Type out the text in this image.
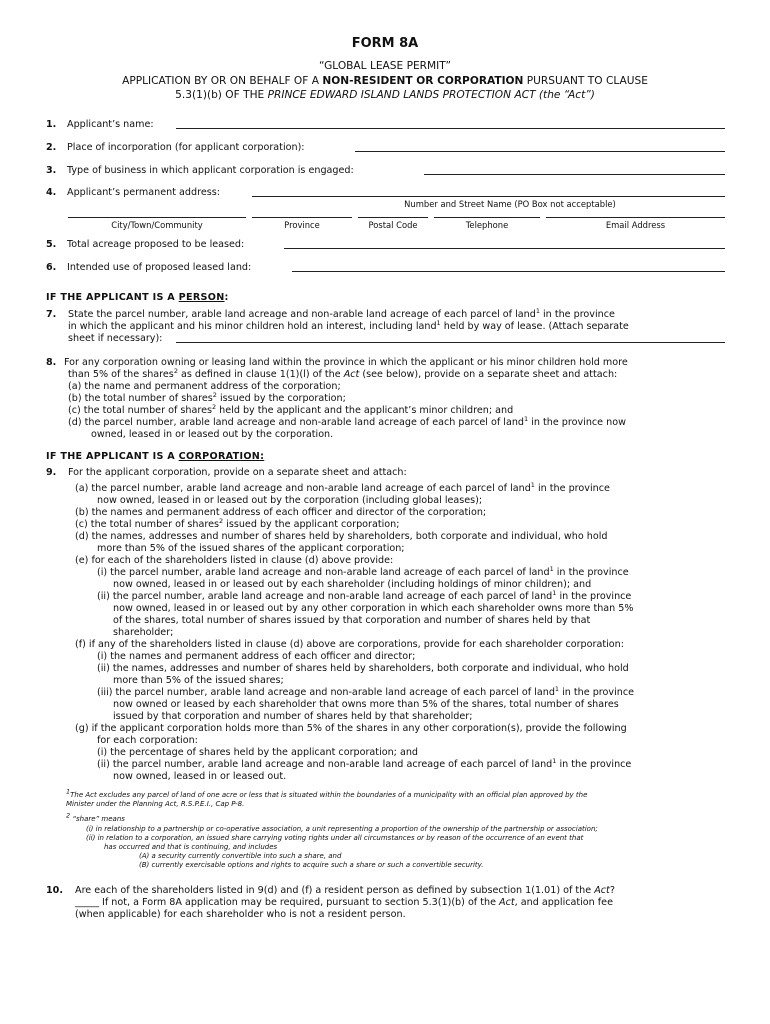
FORM 8A
“GLOBAL LEASE PERMIT”
APPLICATION BY OR ON BEHALF OF A NON-RESIDENT OR CORPORATION PURSUANT TO CLAUSE
5.3(1)(b) OF THE PRINCE EDWARD ISLAND LANDS PROTECTION ACT (the “Act”)
1. Applicant’s name:
2. Place of incorporation (for applicant corporation):
3. Type of business in which applicant corporation is engaged:
4. Applicant’s permanent address:
Number and Street Name (PO Box not acceptable)
City/Town/Community	Province	Postal Code	Telephone	Email Address
5. Total acreage proposed to be leased:
6. Intended use of proposed leased land:
IF THE APPLICANT IS A PERSON:
7. State the parcel number, arable land acreage and non-arable land acreage of each parcel of land$^1$ in the province
in which the applicant and his minor children hold an interest, including land$^1$ held by way of lease. (Attach separate
sheet if necessary):
8. For any corporation owning or leasing land within the province in which the applicant or his minor children hold more
than 5% of the shares$^2$ as defined in clause 1(1)(l) of the Act (see below), provide on a separate sheet and attach:
(a) the name and permanent address of the corporation;
(b) the total number of shares$^2$ issued by the corporation;
(c) the total number of shares$^2$ held by the applicant and the applicant’s minor children; and
(d) the parcel number, arable land acreage and non-arable land acreage of each parcel of land$^1$ in the province now
owned, leased in or leased out by the corporation.
IF THE APPLICANT IS A CORPORATION:
9. For the applicant corporation, provide on a separate sheet and attach:
(a) the parcel number, arable land acreage and non-arable land acreage of each parcel of land$^1$ in the province
now owned, leased in or leased out by the corporation (including global leases);
(b) the names and permanent address of each officer and director of the corporation;
(c) the total number of shares$^2$ issued by the applicant corporation;
(d) the names, addresses and number of shares held by shareholders, both corporate and individual, who hold
more than 5% of the issued shares of the applicant corporation;
(e) for each of the shareholders listed in clause (d) above provide:
(i) the parcel number, arable land acreage and non-arable land acreage of each parcel of land$^1$ in the province
now owned, leased in or leased out by each shareholder (including holdings of minor children); and
(ii) the parcel number, arable land acreage and non-arable land acreage of each parcel of land$^1$ in the province
now owned, leased in or leased out by any other corporation in which each shareholder owns more than 5%
of the shares, total number of shares issued by that corporation and number of shares held by that
shareholder;
(f) if any of the shareholders listed in clause (d) above are corporations, provide for each shareholder corporation:
(i) the names and permanent address of each officer and director;
(ii) the names, addresses and number of shares held by shareholders, both corporate and individual, who hold
more than 5% of the issued shares;
(iii) the parcel number, arable land acreage and non-arable land acreage of each parcel of land$^1$ in the province
now owned or leased by each shareholder that owns more than 5% of the shares, total number of shares
issued by that corporation and number of shares held by that shareholder;
(g) if the applicant corporation holds more than 5% of the shares in any other corporation(s), provide the following
for each corporation:
(i) the percentage of shares held by the applicant corporation; and
(ii) the parcel number, arable land acreage and non-arable land acreage of each parcel of land$^1$ in the province
now owned, leased in or leased out.
$^1$The Act excludes any parcel of land of one acre or less that is situated within the boundaries of a municipality with an official plan approved by the
Minister under the Planning Act, R.S.P.E.I., Cap P-8.
$^2$ “share” means
(i) in relationship to a partnership or co-operative association, a unit representing a proportion of the ownership of the partnership or association;
(ii) in relation to a corporation, an issued share carrying voting rights under all circumstances or by reason of the occurrence of an event that
has occurred and that is continuing, and includes
(A) a security currently convertible into such a share, and
(B) currently exercisable options and rights to acquire such a share or such a convertible security.
10. Are each of the shareholders listed in 9(d) and (f) a resident person as defined by subsection 1(1.01) of the Act?
_____ If not, a Form 8A application may be required, pursuant to section 5.3(1)(b) of the Act, and application fee
(when applicable) for each shareholder who is not a resident person.
